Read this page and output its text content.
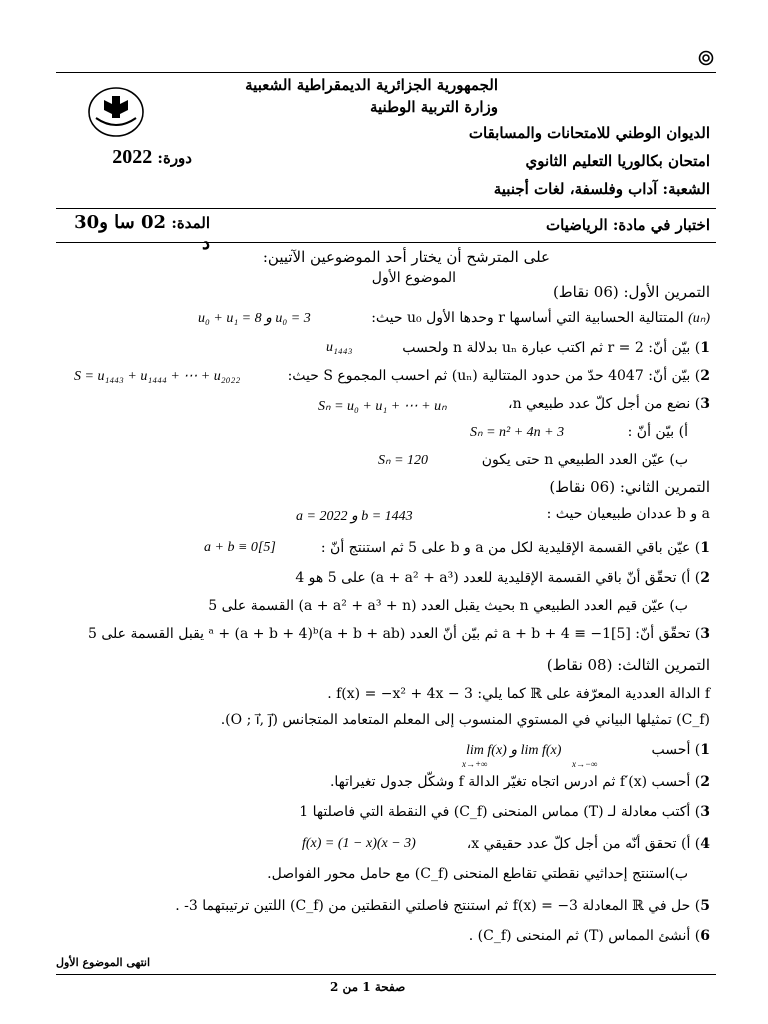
الجمهورية الجزائرية الديمقراطية الشعبية
وزارة التربية الوطنية
الديوان الوطني للامتحانات والمسابقات
امتحان بكالوريا التعليم الثانوي
دورة: 2022
الشعبة: آداب وفلسفة، لغات أجنبية
اختبار في مادة: الرياضيات
المدة: 02 سا و30 د
على المترشح أن يختار أحد الموضوعين الآتيين:
الموضوع الأول
التمرين الأول: (06 نقاط)
(uₙ) المتتالية الحسابية التي أساسها r وحدها الأول u₀ حيث:
u₀ + u₁ = 8 و u₀ = 3
1) بيّن أنّ: r = 2 ثم اكتب عبارة uₙ بدلالة n ولحسب
u₁₄₄₃
2) بيّن أنّ: 4047 حدّ من حدود المتتالية (uₙ) ثم احسب المجموع S حيث:
S = u₁₄₄₃ + u₁₄₄₄ + ⋯ + u₂₀₂₂
3) نضع من أجل كلّ عدد طبيعي n،
Sₙ = u₀ + u₁ + ⋯ + uₙ
أ) بيّن أنّ :
Sₙ = n² + 4n + 3
ب) عيّن العدد الطبيعي n حتى يكون
Sₙ = 120
التمرين الثاني: (06 نقاط)
a و b عددان طبيعيان حيث :
a = 2022 و b = 1443
1) عيّن باقي القسمة الإقليدية لكل من a و b على 5 ثم استنتج أنّ :
a + b ≡ 0[5]
2) أ) تحقّق أنّ باقي القسمة الإقليدية للعدد (a + a² + a³) على 5 هو 4
ب) عيّن قيم العدد الطبيعي n بحيث يقبل العدد (a + a² + a³ + n) القسمة على 5
3) تحقّق أنّ: a + b + 4 ≡ −1[5] ثم بيّن أنّ العدد (a + b + ab)ᵃ + (a + b + 4)ᵇ يقبل القسمة على 5
التمرين الثالث: (08 نقاط)
f الدالة العددية المعرّفة على ℝ كما يلي: f(x) = −x² + 4x − 3 .
(C_f) تمثيلها البياني في المستوي المنسوب إلى المعلم المتعامد المتجانس (O ; i⃗, j⃗).
1) أحسب
lim f(x) و lim f(x)
x→+∞	x→−∞
2) أحسب f′(x) ثم ادرس اتجاه تغيّر الدالة f وشكّل جدول تغيراتها.
3) أكتب معادلة لـ (T) مماس المنحنى (C_f) في النقطة التي فاصلتها 1
4) أ) تحقق أنّه من أجل كلّ عدد حقيقي x،
f(x) = (1 − x)(x − 3)
ب)استنتج إحداثيي نقطتي تقاطع المنحنى (C_f) مع حامل محور الفواصل.
5) حل في ℝ المعادلة f(x) = −3 ثم استنتج فاصلتي النقطتين من (C_f) اللتين ترتيبتهما 3- .
6) أنشئ المماس (T) ثم المنحنى (C_f) .
انتهى الموضوع الأول
صفحة 1 من 2
